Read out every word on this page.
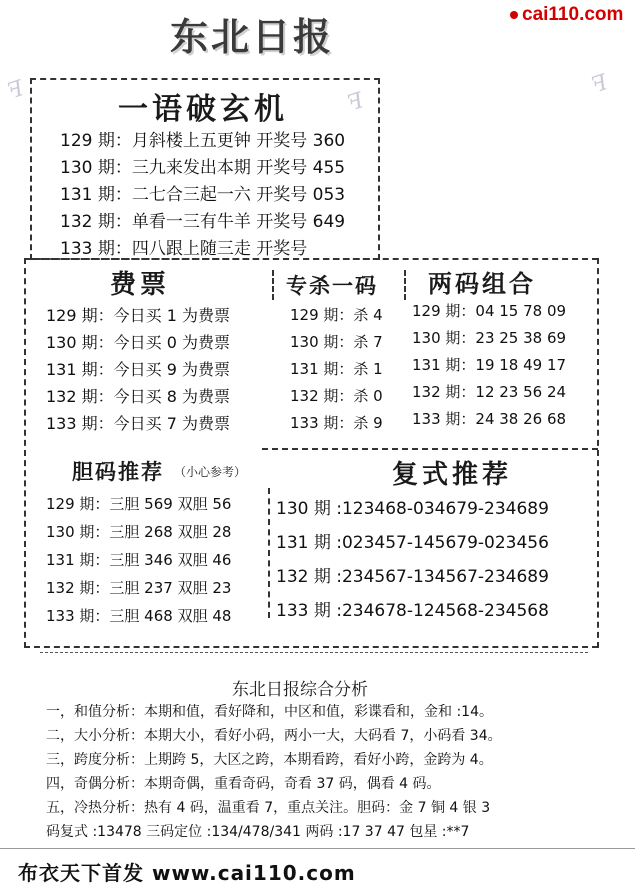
东北日报	cai110.com
ꟻ	ꟻ
ꟻ
一语破玄机
129 期：月斜楼上五更钟 开奖号 360
130 期：三九来发出本期 开奖号 455
131 期：二七合三起一六 开奖号 053
132 期：单看一三有牛羊 开奖号 649
133 期：四八跟上随三走 开奖号
费票
129 期：今日买 1 为费票
130 期：今日买 0 为费票
131 期：今日买 9 为费票
132 期：今日买 8 为费票
133 期：今日买 7 为费票
专杀一码
129 期：杀 4
130 期：杀 7
131 期：杀 1
132 期：杀 0
133 期：杀 9
两码组合
129 期：04 15 78 09
130 期：23 25 38 69
131 期：19 18 49 17
132 期：12 23 56 24
133 期：24 38 26 68
胆码推荐 （小心参考）
129 期：三胆 569 双胆 56
130 期：三胆 268 双胆 28
131 期：三胆 346 双胆 46
132 期：三胆 237 双胆 23
133 期：三胆 468 双胆 48
复式推荐
130 期 :123468-034679-234689
131 期 :023457-145679-023456
132 期 :234567-134567-234689
133 期 :234678-124568-234568
东北日报综合分析
一，和值分析：本期和值，看好降和，中区和值，彩谍看和，金和 :14。
二，大小分析：本期大小，看好小码，两小一大，大码看 7，小码看 34。
三，跨度分析：上期跨 5，大区之跨，本期看跨，看好小跨，金跨为 4。
四，奇偶分析：本期奇偶，重看奇码，奇看 37 码，偶看 4 码。
五，冷热分析：热有 4 码，温重看 7，重点关注。胆码：金 7 铜 4 银 3
码复式 :13478 三码定位 :134/478/341 两码 :17 37 47 包星 :**7
布衣天下首发 www.cai110.com
